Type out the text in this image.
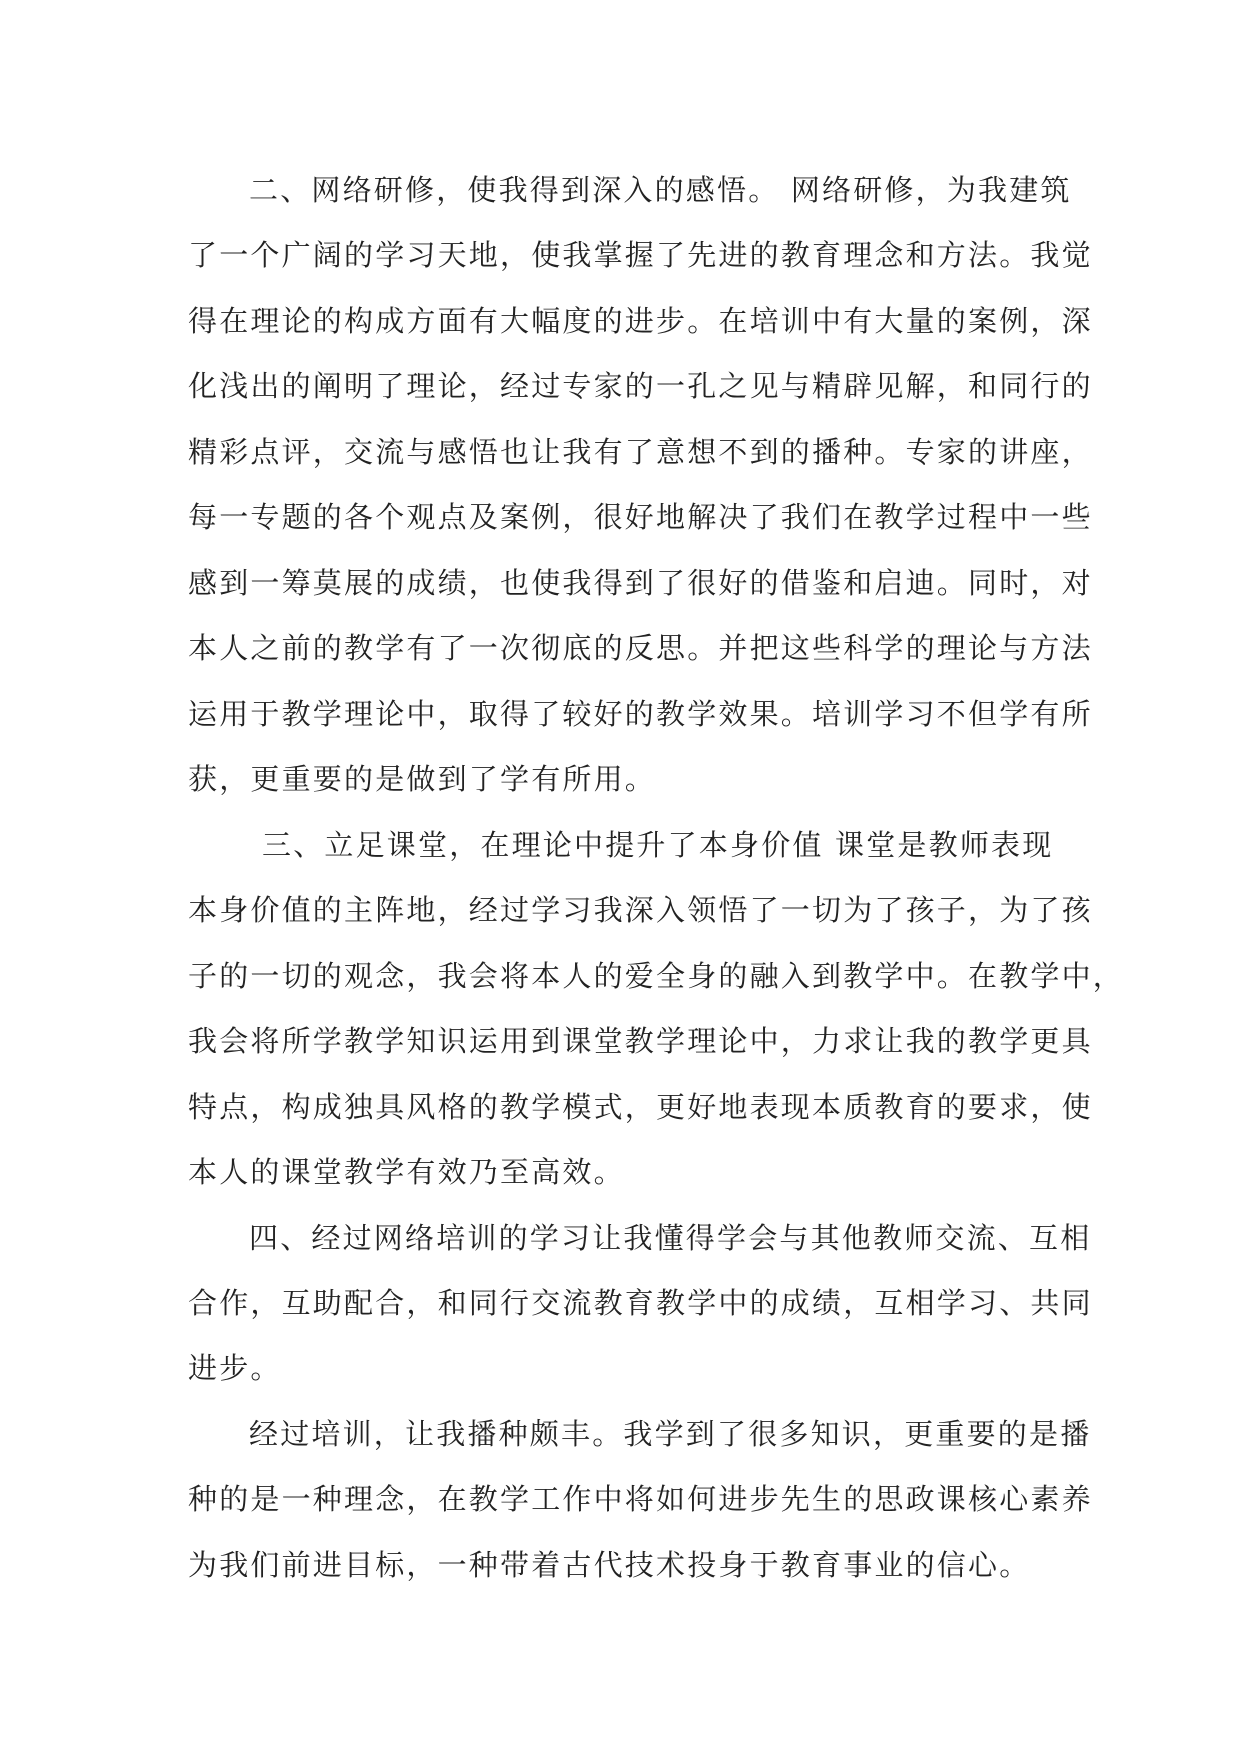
二、网络研修，使我得到深入的感悟。 网络研修，为我建筑
了一个广阔的学习天地，使我掌握了先进的教育理念和方法。我觉
得在理论的构成方面有大幅度的进步。在培训中有大量的案例，深
化浅出的阐明了理论，经过专家的一孔之见与精辟见解，和同行的
精彩点评，交流与感悟也让我有了意想不到的播种。专家的讲座，
每一专题的各个观点及案例，很好地解决了我们在教学过程中一些
感到一筹莫展的成绩，也使我得到了很好的借鉴和启迪。同时，对
本人之前的教学有了一次彻底的反思。并把这些科学的理论与方法
运用于教学理论中，取得了较好的教学效果。培训学习不但学有所
获，更重要的是做到了学有所用。
三、立足课堂，在理论中提升了本身价值 课堂是教师表现
本身价值的主阵地，经过学习我深入领悟了一切为了孩子，为了孩
子的一切的观念，我会将本人的爱全身的融入到教学中。在教学中，
我会将所学教学知识运用到课堂教学理论中，力求让我的教学更具
特点，构成独具风格的教学模式，更好地表现本质教育的要求，使
本人的课堂教学有效乃至高效。
四、经过网络培训的学习让我懂得学会与其他教师交流、互相
合作，互助配合，和同行交流教育教学中的成绩，互相学习、共同
进步。
经过培训，让我播种颇丰。我学到了很多知识，更重要的是播
种的是一种理念，在教学工作中将如何进步先生的思政课核心素养
为我们前进目标，一种带着古代技术投身于教育事业的信心。
